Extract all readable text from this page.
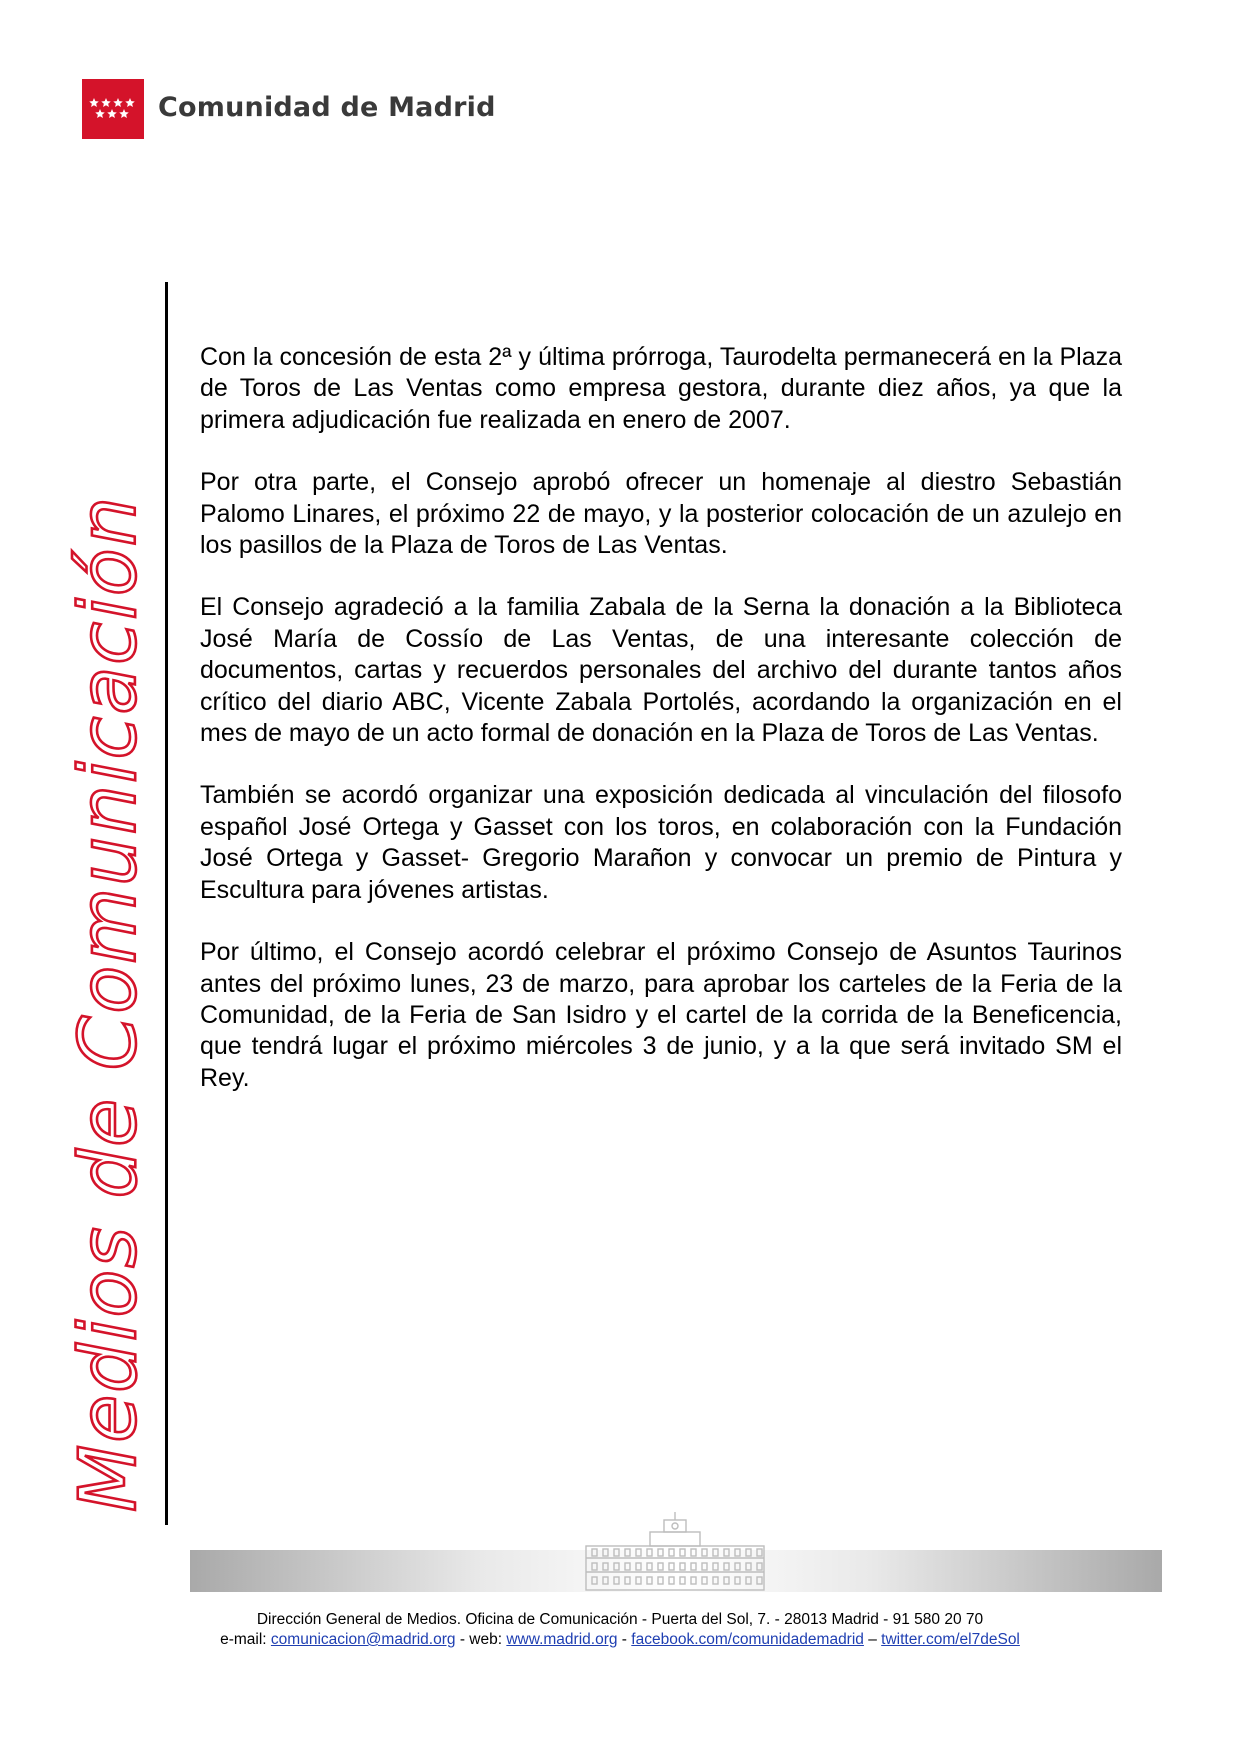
Comunidad de Madrid
Medios de Comunicación

Con la concesión de esta 2ª y última prórroga, Taurodelta permanecerá en la Plaza de Toros de Las Ventas como empresa gestora, durante diez años, ya que la primera adjudicación fue realizada en enero de 2007.

Por otra parte, el Consejo aprobó ofrecer un homenaje al diestro Sebastián Palomo Linares, el próximo 22 de mayo, y la posterior colocación de un azulejo en los pasillos de la Plaza de Toros de Las Ventas.

El Consejo agradeció a la familia Zabala de la Serna la donación a la Biblioteca José María de Cossío de Las Ventas, de una interesante colección de documentos, cartas y recuerdos personales del archivo del durante tantos años crítico del diario ABC, Vicente Zabala Portolés, acordando la organización en el mes de mayo de un acto formal de donación en la Plaza de Toros de Las Ventas.

También se acordó organizar una exposición dedicada al vinculación del filosofo español José Ortega y Gasset con los toros, en colaboración con la Fundación José Ortega y Gasset- Gregorio Marañon y convocar un premio de Pintura y Escultura para jóvenes artistas.

Por último, el Consejo acordó celebrar el próximo Consejo de Asuntos Taurinos antes del próximo lunes, 23 de marzo, para aprobar los carteles de la Feria de la Comunidad, de la Feria de San Isidro y el cartel de la corrida de la Beneficencia, que tendrá lugar el próximo miércoles 3 de junio, y a la que será invitado SM el Rey.

Dirección General de Medios. Oficina de Comunicación - Puerta del Sol, 7. - 28013 Madrid - 91 580 20 70
e-mail: comunicacion@madrid.org - web: www.madrid.org - facebook.com/comunidademadrid – twitter.com/el7deSol
